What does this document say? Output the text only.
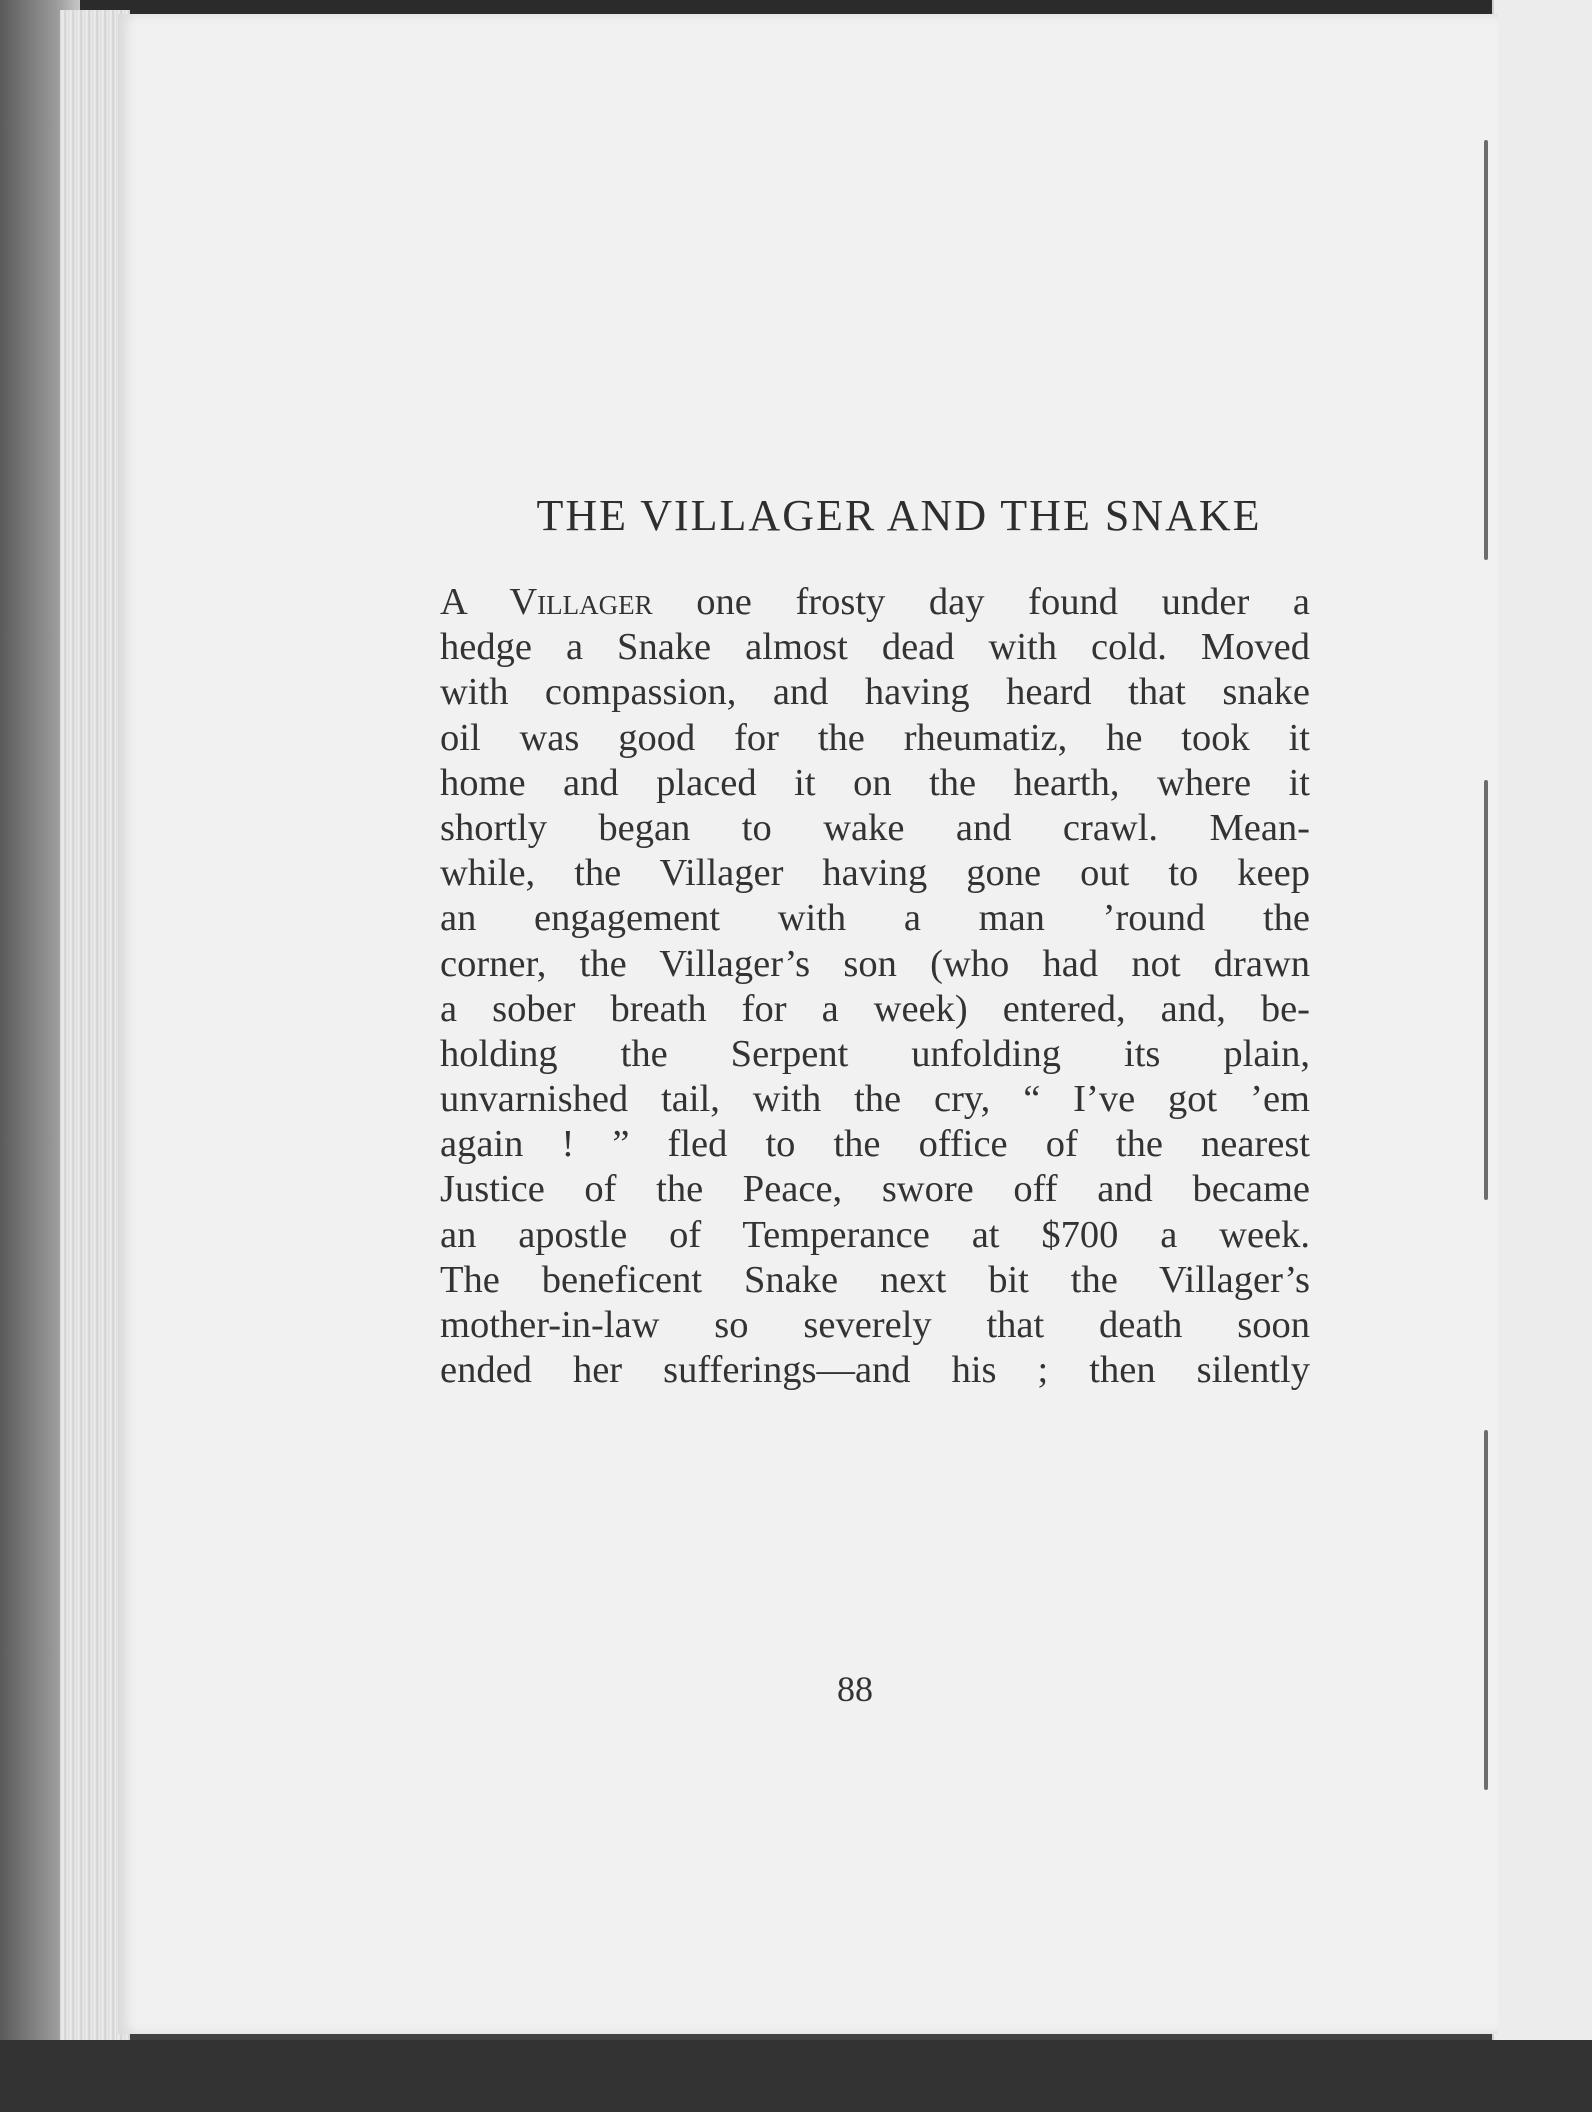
THE VILLAGER AND THE SNAKE
A Villager one frosty day found under a
hedge a Snake almost dead with cold. Moved
with compassion, and having heard that snake
oil was good for the rheumatiz, he took it
home and placed it on the hearth, where it
shortly began to wake and crawl. Mean-
while, the Villager having gone out to keep
an engagement with a man ’round the
corner, the Villager’s son (who had not drawn
a sober breath for a week) entered, and, be-
holding the Serpent unfolding its plain,
unvarnished tail, with the cry, “ I’ve got ’em
again ! ” fled to the office of the nearest
Justice of the Peace, swore off and became
an apostle of Temperance at $700 a week.
The beneficent Snake next bit the Villager’s
mother-in-law so severely that death soon
ended her sufferings—and his ; then silently
88
